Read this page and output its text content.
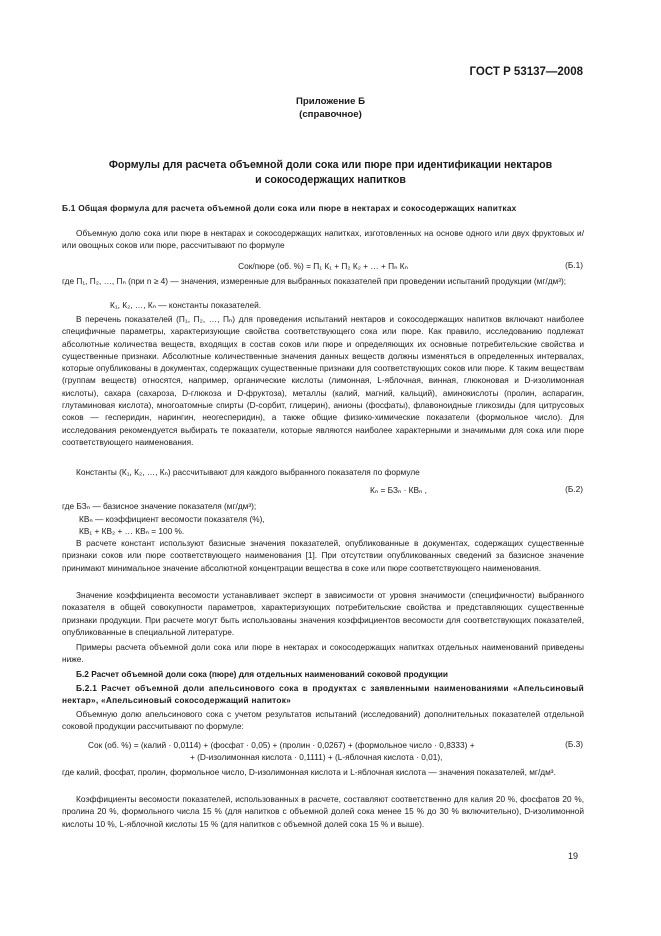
ГОСТ Р 53137—2008
Приложение Б
(справочное)
Формулы для расчета объемной доли сока или пюре при идентификации нектаров
и сокосодержащих напитков

Б.1 Общая формула для расчета объемной доли сока или пюре в нектарах и сокосодержащих напитках

Объемную долю сока или пюре в нектарах и сокосодержащих напитках, изготовленных на основе одного или двух фруктовых и/или овощных соков или пюре, рассчитывают по формуле

Сок/пюре (об. %) = П₁ К₁ + П₂ К₂ + … + Пₙ Кₙ	(Б.1)

где П₁, П₂, …, Пₙ (при n ≥ 4) — значения, измеренные для выбранных показателей при проведении испытаний продукции (мг/дм³);

К₁, К₂, …, Кₙ — константы показателей.

В перечень показателей (П₁, П₂, …, Пₙ) для проведения испытаний нектаров и сокосодержащих напитков включают наиболее специфичные параметры, характеризующие свойства соответствующего сока или пюре. Как правило, исследованию подлежат абсолютные количества веществ, входящих в состав соков или пюре и определяющих их основные потребительские свойства и существенные признаки. Абсолютные количественные значения данных веществ должны изменяться в определенных интервалах, которые опубликованы в документах, содержащих существенные признаки для соответствующих соков или пюре. К таким веществам (группам веществ) относятся, например, органические кислоты (лимонная, L-яблочная, винная, глюконовая и D-изолимонная кислоты), сахара (сахароза, D-глюкоза и D-фруктоза), металлы (калий, магний, кальций), аминокислоты (пролин, аспарагин, глутаминовая кислота), многоатомные спирты (D-сорбит, глицерин), анионы (фосфаты), флавоноидные гликозиды (для цитрусовых соков — гесперидин, нарингин, неогесперидин), а также общие физико-химические показатели (формольное число). Для исследования рекомендуется выбирать те показатели, которые являются наиболее характерными и значимыми для сока или пюре соответствующего наименования.

Константы (К₁, К₂, …, Кₙ) рассчитывают для каждого выбранного показателя по формуле

Кₙ = БЗₙ · КВₙ ,	(Б.2)
где БЗₙ — базисное значение показателя (мг/дм³);
КВₙ — коэффициент весомости показателя (%),
КВ₁ + КВ₂ + … КВₙ = 100 %.

В расчете констант используют базисные значения показателей, опубликованные в документах, содержащих существенные признаки соков или пюре соответствующего наименования [1]. При отсутствии опубликованных сведений за базисное значение принимают минимальное значение абсолютной концентрации вещества в соке или пюре соответствующего наименования.

Значение коэффициента весомости устанавливает эксперт в зависимости от уровня значимости (специфичности) выбранного показателя в общей совокупности параметров, характеризующих потребительские свойства и представляющих существенные признаки продукции. При расчете могут быть использованы значения коэффициентов весомости для соответствующих показателей, опубликованные в специальной литературе.

Примеры расчета объемной доли сока или пюре в нектарах и сокосодержащих напитках отдельных наименований приведены ниже.

Б.2 Расчет объемной доли сока (пюре) для отдельных наименований соковой продукции

Б.2.1 Расчет объемной доли апельсинового сока в продуктах с заявленными наименованиями «Апельсиновый нектар», «Апельсиновый сокосодержащий напиток»

Объемную долю апельсинового сока с учетом результатов испытаний (исследований) дополнительных показателей отдельной соковой продукции рассчитывают по формуле:

Сок (об. %) = (калий · 0,0114) + (фосфат · 0,05) + (пролин · 0,0267) + (формольное число · 0,8333) +	(Б.3)
+ (D-изолимонная кислота · 0,1111) + (L-яблочная кислота · 0,01),

где калий, фосфат, пролин, формольное число, D-изолимонная кислота и L-яблочная кислота — значения показателей, мг/дм³.

Коэффициенты весомости показателей, использованных в расчете, составляют соответственно для калия 20 %, фосфатов 20 %, пролина 20 %, формольного числа 15 % (для напитков с объемной долей сока менее 15 % до 30 % включительно), D-изолимонной кислоты 10 %, L-яблочной кислоты 15 % (для напитков с объемной долей сока 15 % и выше).

19
